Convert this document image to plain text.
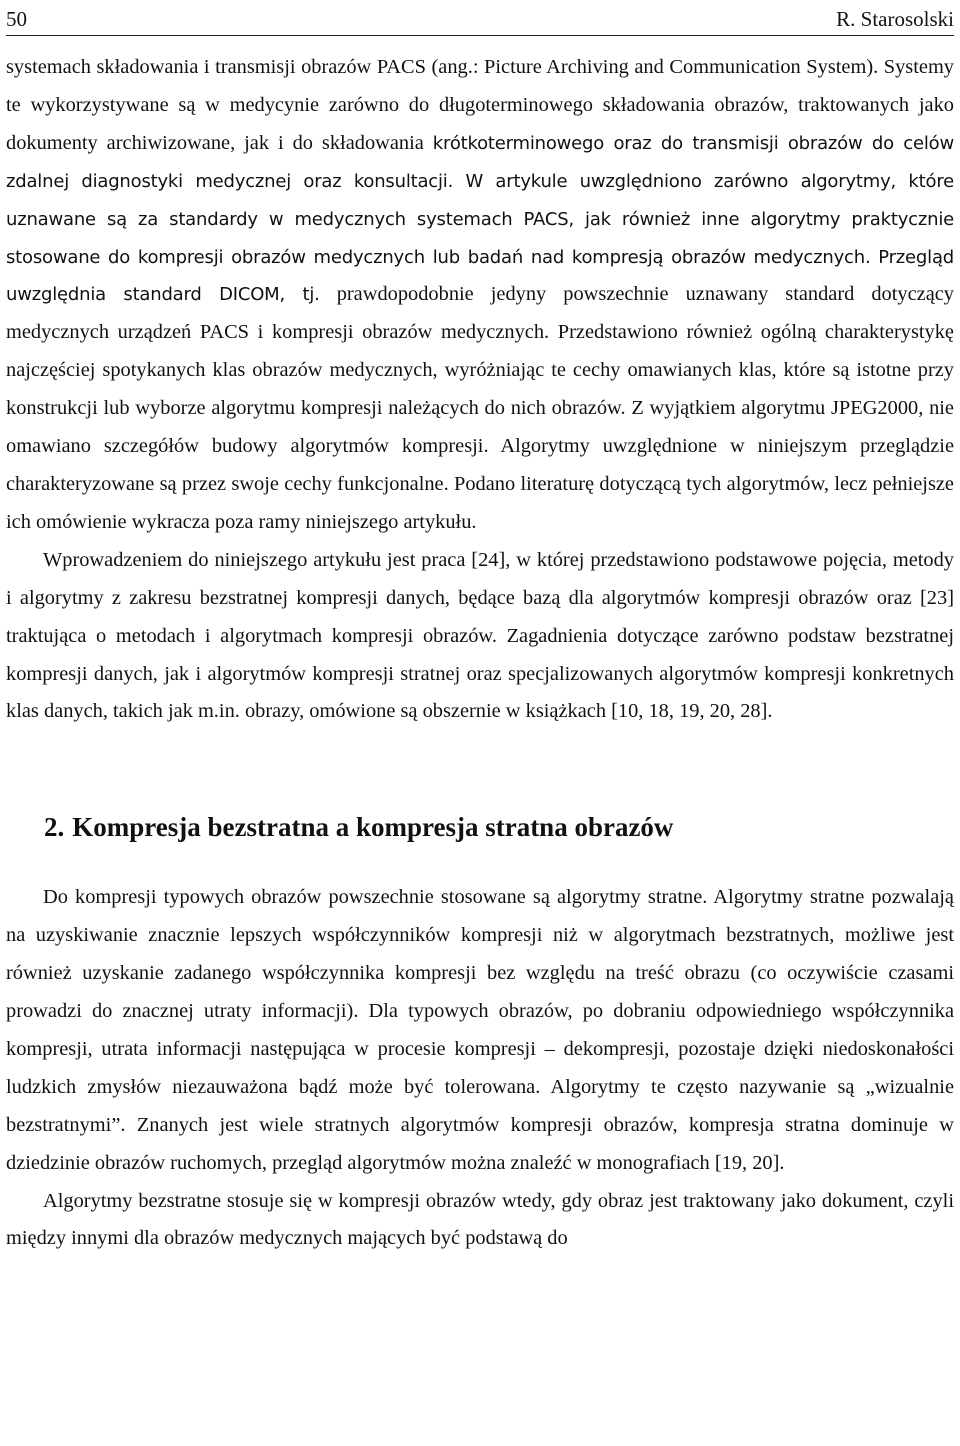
50	R. Starosolski

systemach składowania i transmisji obrazów PACS (ang.: Picture Archiving and Communication System). Systemy te wykorzystywane są w medycynie zarówno do długoterminowego składowania obrazów, traktowanych jako dokumenty archiwizowane, jak i do składowania krótkoterminowego oraz do transmisji obrazów do celów zdalnej diagnostyki medycznej oraz konsultacji. W artykule uwzględniono zarówno algorytmy, które uznawane są za standardy w medycznych systemach PACS, jak również inne algorytmy praktycznie stosowane do kompresji obrazów medycznych lub badań nad kompresją obrazów medycznych. Przegląd uwzględnia standard DICOM, tj. prawdopodobnie jedyny powszechnie uznawany standard dotyczący medycznych urządzeń PACS i kompresji obrazów medycznych. Przedstawiono również ogólną charakterystykę najczęściej spotykanych klas obrazów medycznych, wyróżniając te cechy omawianych klas, które są istotne przy konstrukcji lub wyborze algorytmu kompresji należących do nich obrazów. Z wyjątkiem algorytmu JPEG2000, nie omawiano szczegółów budowy algorytmów kompresji. Algorytmy uwzględnione w niniejszym przeglądzie charakteryzowane są przez swoje cechy funkcjonalne. Podano literaturę dotyczącą tych algorytmów, lecz pełniejsze ich omówienie wykracza poza ramy niniejszego artykułu.

Wprowadzeniem do niniejszego artykułu jest praca [24], w której przedstawiono podstawowe pojęcia, metody i algorytmy z zakresu bezstratnej kompresji danych, będące bazą dla algorytmów kompresji obrazów oraz [23] traktująca o metodach i algorytmach kompresji obrazów. Zagadnienia dotyczące zarówno podstaw bezstratnej kompresji danych, jak i algorytmów kompresji stratnej oraz specjalizowanych algorytmów kompresji konkretnych klas danych, takich jak m.in. obrazy, omówione są obszernie w książkach [10, 18, 19, 20, 28].

2. Kompresja bezstratna a kompresja stratna obrazów

Do kompresji typowych obrazów powszechnie stosowane są algorytmy stratne. Algorytmy stratne pozwalają na uzyskiwanie znacznie lepszych współczynników kompresji niż w algorytmach bezstratnych, możliwe jest również uzyskanie zadanego współczynnika kompresji bez względu na treść obrazu (co oczywiście czasami prowadzi do znacznej utraty informacji). Dla typowych obrazów, po dobraniu odpowiedniego współczynnika kompresji, utrata informacji następująca w procesie kompresji – dekompresji, pozostaje dzięki niedoskonałości ludzkich zmysłów niezauważona bądź może być tolerowana. Algorytmy te często nazywanie są „wizualnie bezstratnymi”. Znanych jest wiele stratnych algorytmów kompresji obrazów, kompresja stratna dominuje w dziedzinie obrazów ruchomych, przegląd algorytmów można znaleźć w monografiach [19, 20].

Algorytmy bezstratne stosuje się w kompresji obrazów wtedy, gdy obraz jest traktowany jako dokument, czyli między innymi dla obrazów medycznych mających być podstawą do
